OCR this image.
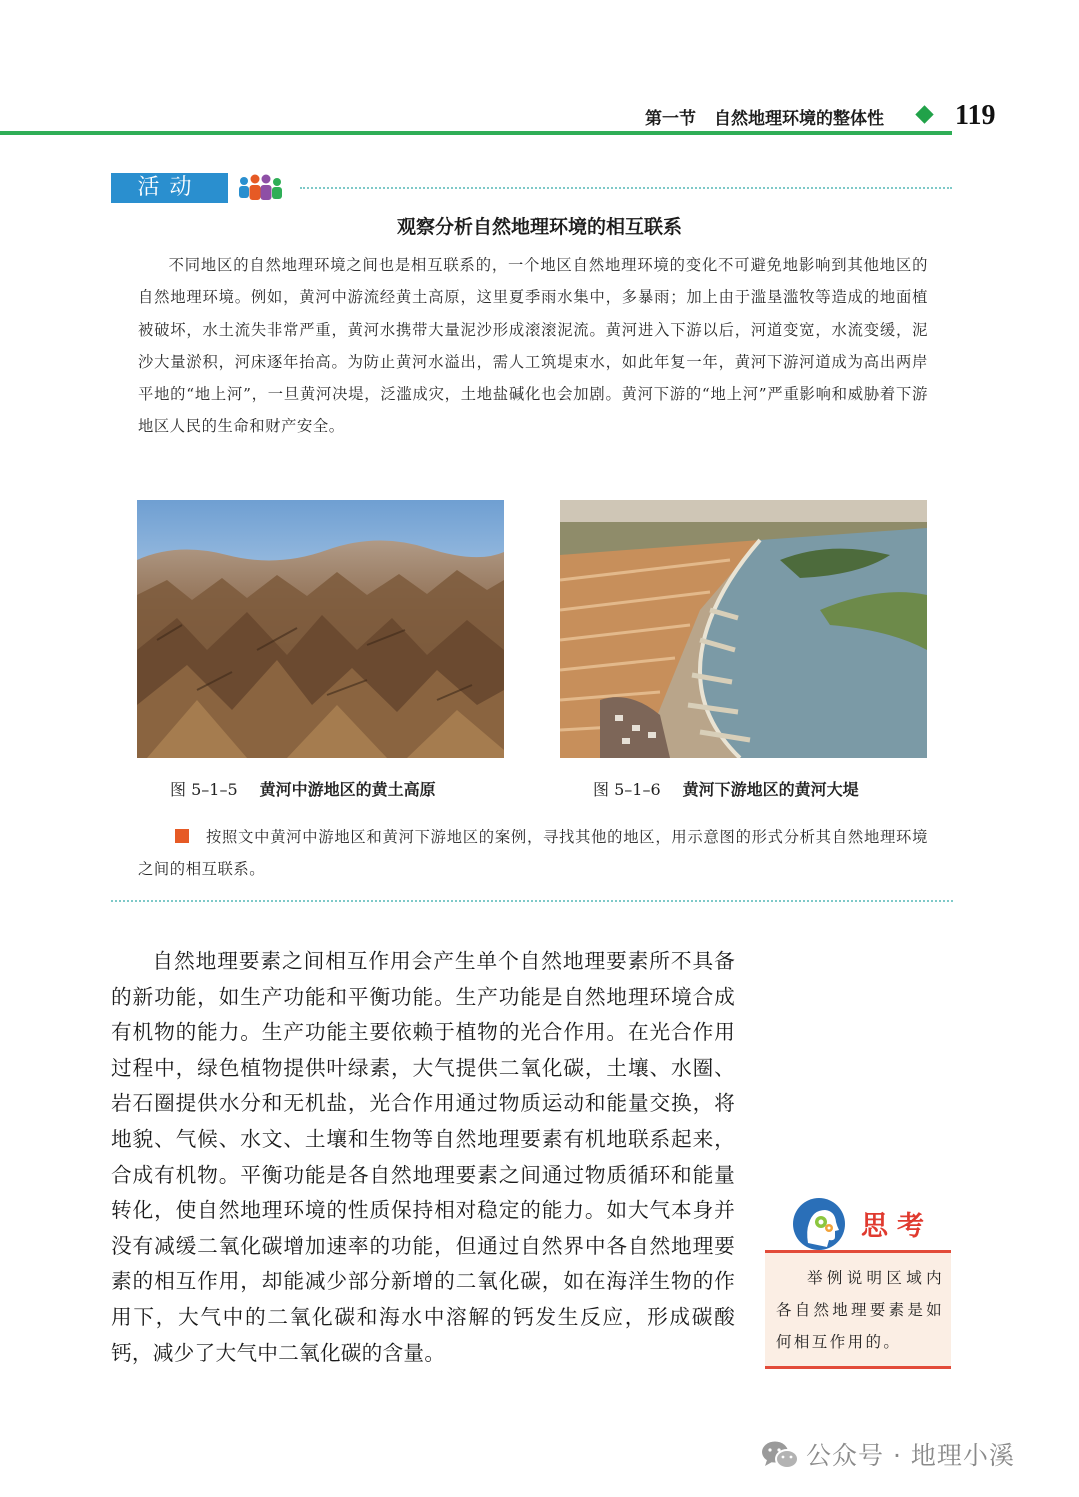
第一节 自然地理环境的整体性	119
活动
观察分析自然地理环境的相互联系
不同地区的自然地理环境之间也是相互联系的，一个地区自然地理环境的变化不可避免地影响到其他地区的自然地理环境。例如，黄河中游流经黄土高原，这里夏季雨水集中，多暴雨；加上由于滥垦滥牧等造成的地面植被破坏，水土流失非常严重，黄河水携带大量泥沙形成滚滚泥流。黄河进入下游以后，河道变宽，水流变缓，泥沙大量淤积，河床逐年抬高。为防止黄河水溢出，需人工筑堤束水，如此年复一年，黄河下游河道成为高出两岸平地的“地上河”，一旦黄河决堤，泛滥成灾，土地盐碱化也会加剧。黄河下游的“地上河”严重影响和威胁着下游地区人民的生命和财产安全。
图 5–1–5 黄河中游地区的黄土高原	图 5–1–6 黄河下游地区的黄河大堤
按照文中黄河中游地区和黄河下游地区的案例，寻找其他的地区，用示意图的形式分析其自然地理环境之间的相互联系。
自然地理要素之间相互作用会产生单个自然地理要素所不具备的新功能，如生产功能和平衡功能。生产功能是自然地理环境合成有机物的能力。生产功能主要依赖于植物的光合作用。在光合作用过程中，绿色植物提供叶绿素，大气提供二氧化碳，土壤、水圈、岩石圈提供水分和无机盐，光合作用通过物质运动和能量交换，将地貌、气候、水文、土壤和生物等自然地理要素有机地联系起来，合成有机物。平衡功能是各自然地理要素之间通过物质循环和能量转化，使自然地理环境的性质保持相对稳定的能力。如大气本身并没有减缓二氧化碳增加速率的功能，但通过自然界中各自然地理要素的相互作用，却能减少部分新增的二氧化碳，如在海洋生物的作用下，大气中的二氧化碳和海水中溶解的钙发生反应，形成碳酸钙，减少了大气中二氧化碳的含量。
思考
举例说明区域内各自然地理要素是如何相互作用的。
公众号 · 地理小溪
